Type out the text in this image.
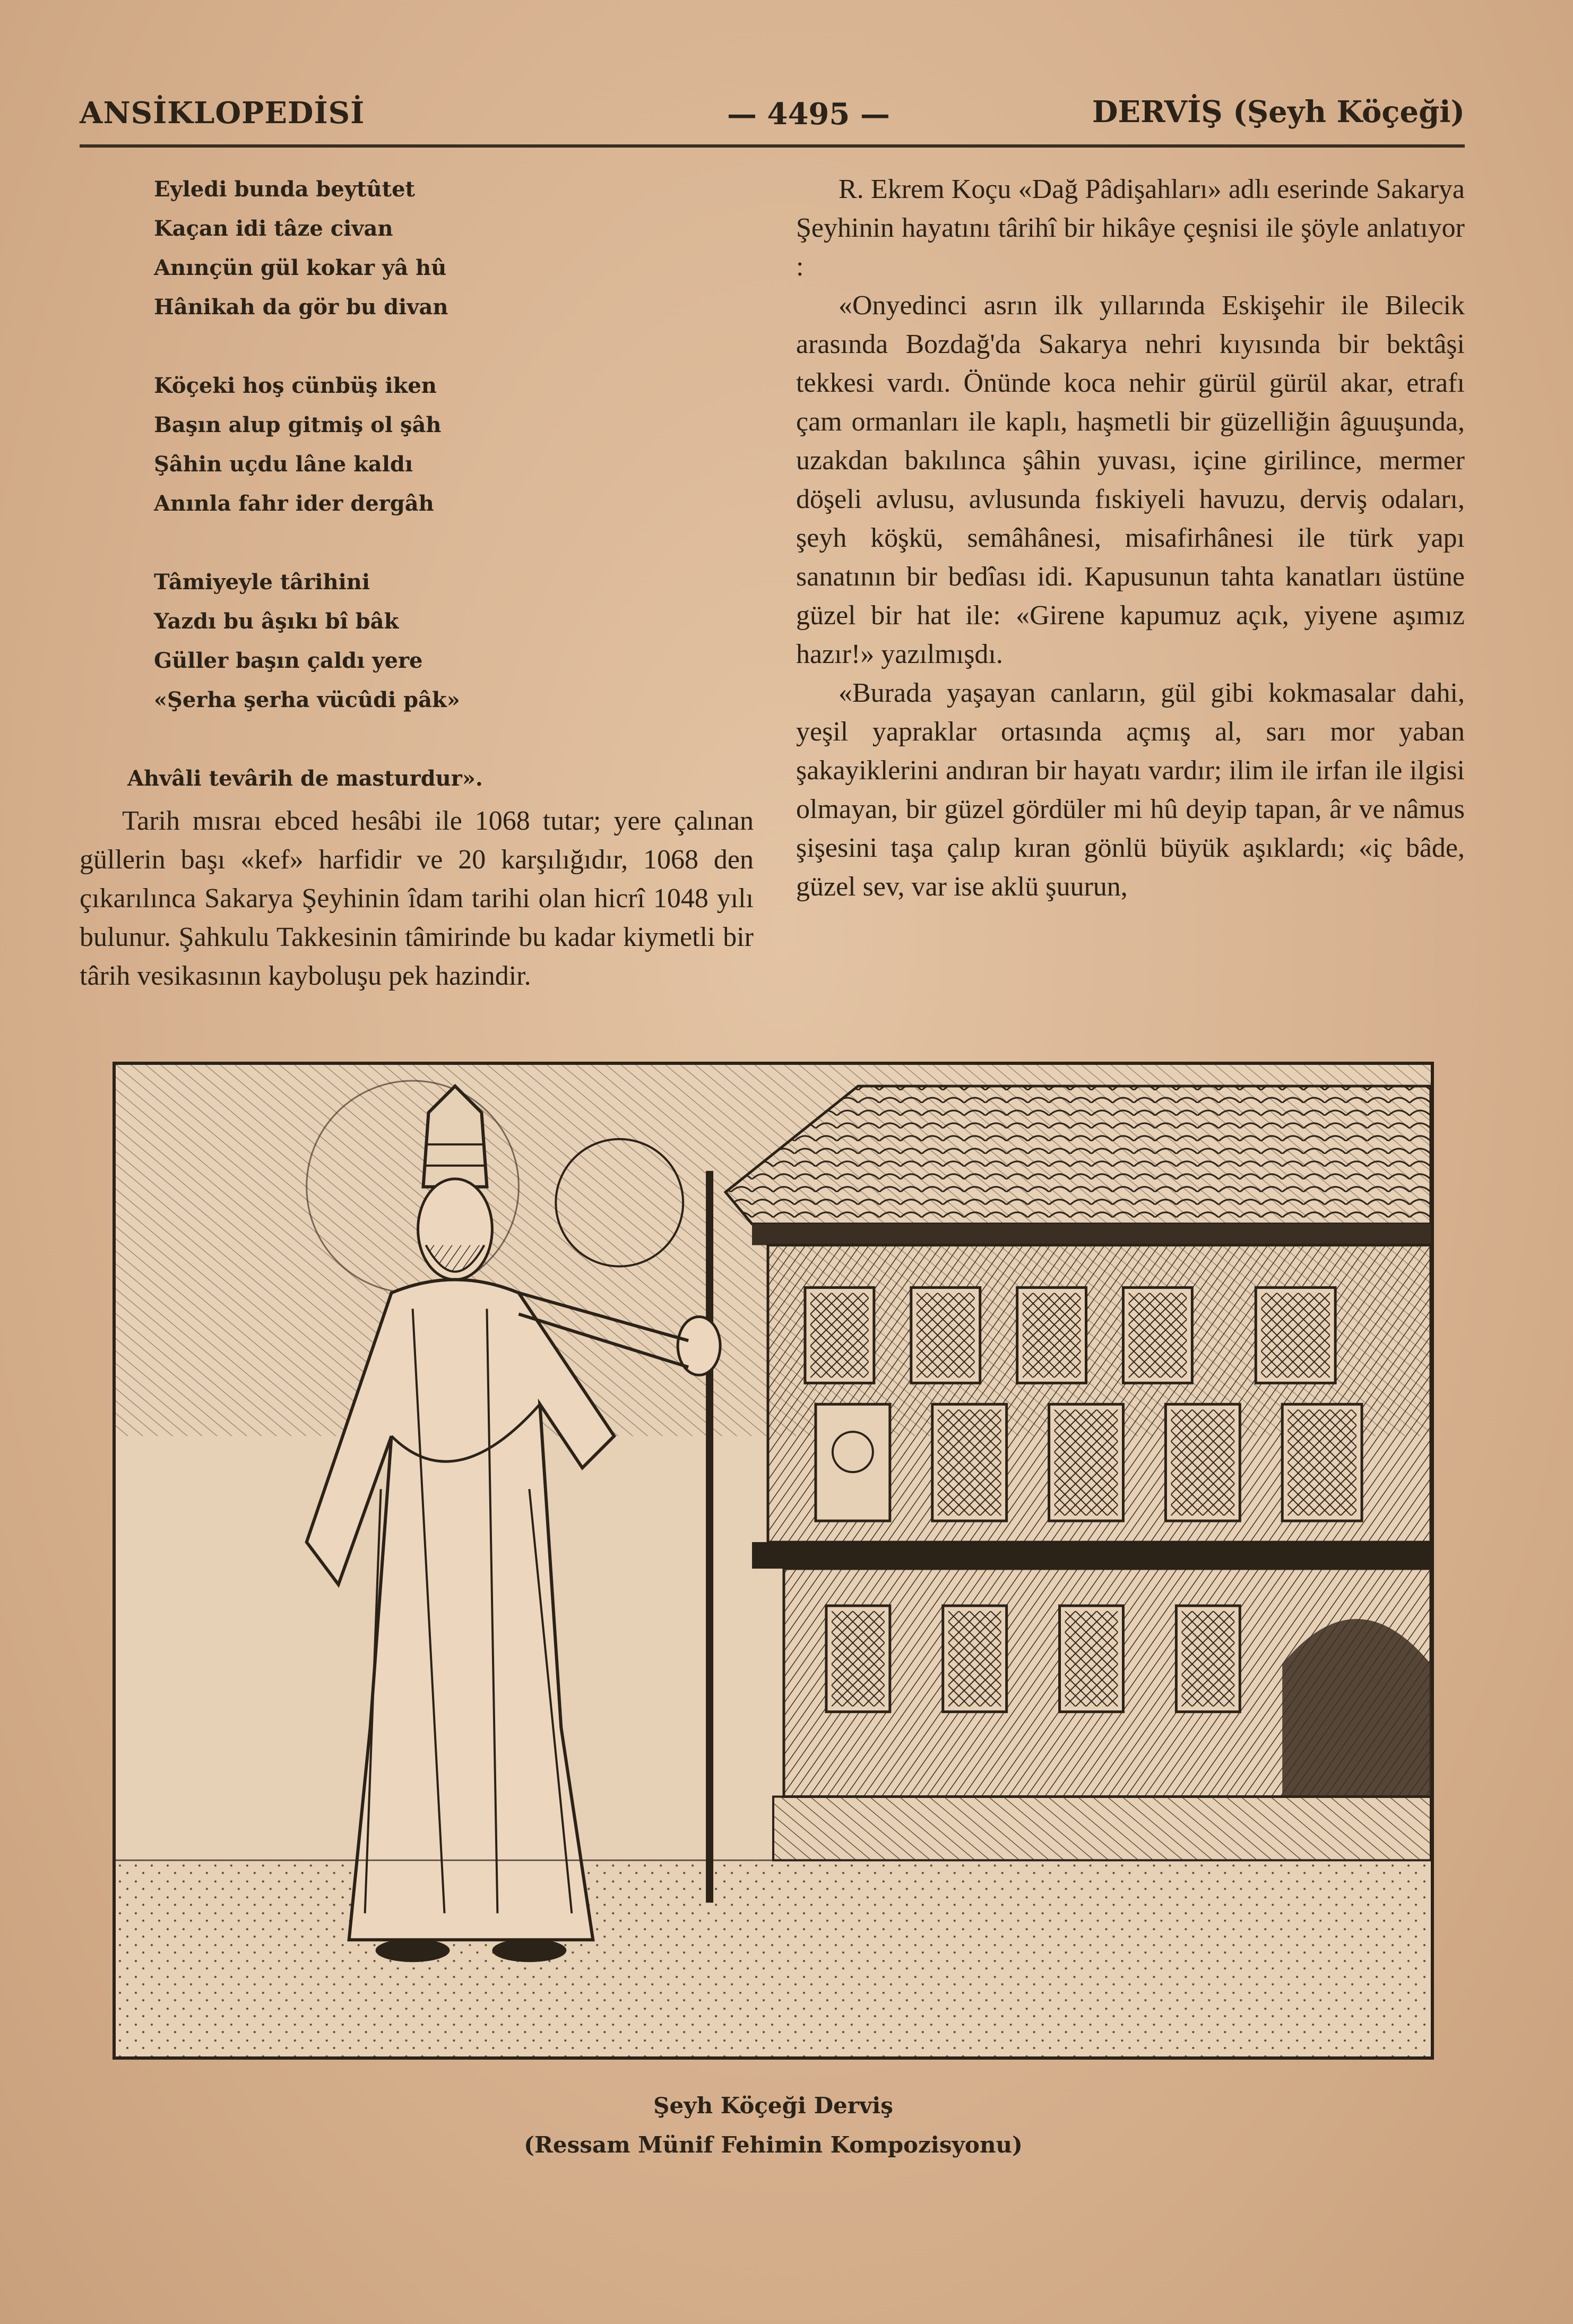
ANSİKLOPEDİSİ	— 4495 —	DERVİŞ (Şeyh Köçeği)
Eyledi bunda beytûtet
Kaçan idi tâze civan
Anınçün gül kokar yâ hû
Hânikah da gör bu divan
Köçeki hoş cünbüş iken
Başın alup gitmiş ol şâh
Şâhin uçdu lâne kaldı
Anınla fahr ider dergâh
Tâmiyeyle târihini
Yazdı bu âşıkı bî bâk
Güller başın çaldı yere
«Şerha şerha vücûdi pâk»
Ahvâli tevârih de masturdur».

Tarih mısraı ebced hesâbi ile 1068 tutar; yere çalınan güllerin başı «kef» harfidir ve 20 karşılığıdır, 1068 den çıkarılınca Sakarya Şeyhinin îdam tarihi olan hicrî 1048 yılı bulunur. Şahkulu Takkesinin tâmirinde bu kadar kiymetli bir târih vesikasının kayboluşu pek hazindir.

R. Ekrem Koçu «Dağ Pâdişahları» adlı eserinde Sakarya Şeyhinin hayatını târihî bir hikâye çeşnisi ile şöyle anlatıyor :

«Onyedinci asrın ilk yıllarında Eskişehir ile Bilecik arasında Bozdağ'da Sakarya nehri kıyısında bir bektâşi tekkesi vardı. Önünde koca nehir gürül gürül akar, etrafı çam ormanları ile kaplı, haşmetli bir güzelliğin âguuşunda, uzakdan bakılınca şâhin yuvası, içine girilince, mermer döşeli avlusu, avlusunda fıskiyeli havuzu, derviş odaları, şeyh köşkü, semâhânesi, misafirhânesi ile türk yapı sanatının bir bedîası idi. Kapusunun tahta kanatları üstüne güzel bir hat ile: «Girene kapumuz açık, yiyene aşımız hazır!» yazılmışdı.

«Burada yaşayan canların, gül gibi kokmasalar dahi, yeşil yapraklar ortasında açmış al, sarı mor yaban şakayiklerini andıran bir hayatı vardır; ilim ile irfan ile ilgisi olmayan, bir güzel gördüler mi hû deyip tapan, âr ve nâmus şişesini taşa çalıp kıran gönlü büyük aşıklardı; «iç bâde, güzel sev, var ise aklü şuurun,

Şeyh Köçeği Derviş
(Ressam Münif Fehimin Kompozisyonu)
